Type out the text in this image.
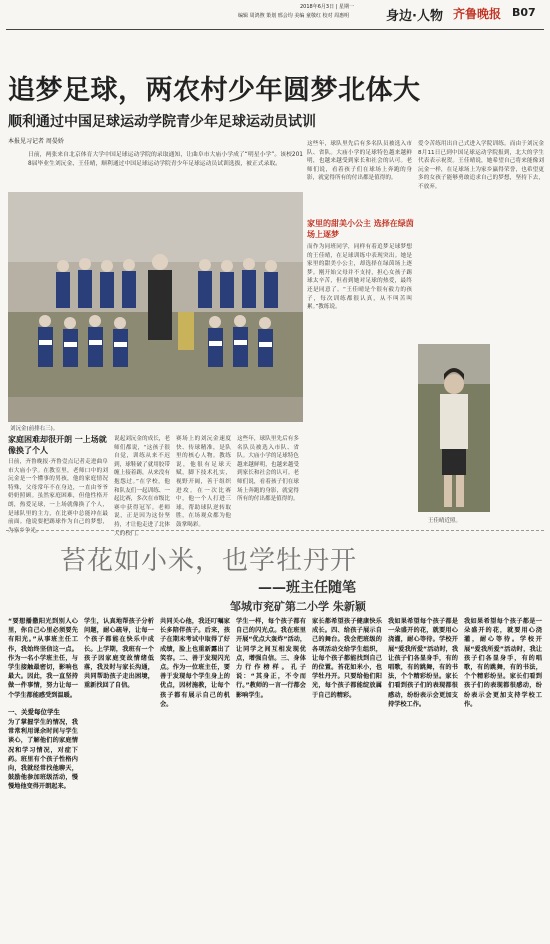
2018年6月3日 | 星期一
编辑 周鸿煦 策划 邢会均 美编 童敬红 校对 周惠明	身边·人物 齐鲁晚报 B07
追梦足球，两农村少年圆梦北体大
顺利通过中国足球运动学院青少年足球运动员试训
本报见习记者 周晏娇
日前，两张来自北京体育大学中国足球运动学院的录取通知，让曲阜市大庙小学成了“明星小学”。该校2018届毕业生刘沅金、王佳晴，顺利通过中国足球运动学院青少年足球运动员试训选拔，被正式录取。
刘沅金(前排右三)。
家庭困难却很开朗 一上场就像换了个人
日前，齐鲁晚报·齐鲁壹点记者走进曲阜市大庙小学。在教室里，老师口中的刘沅金是一个懂事的男孩，他的家庭情况特殊，父母常年不在身边，一直由爷爷奶奶照顾。虽然家庭困难，但他性格开朗，热爱足球，一上场就像换了个人，是球队里的主力，在比赛中总能冲在最前面。他说要把踢球作为自己的梦想，为家乡争光。
说起刘沅金的成长，老师们都说，“这孩子很自觉，训练从来不迟到，球鞋破了就用胶带缠上接着踢，从来没有抱怨过。”在学校，他和队友们一起训练、一起比赛，多次在市级比赛中获得冠军。老师说，正是因为这份坚持，才让他走进了北体大的校门。
赛场上的刘沅金速度快、传球精准，是队里的核心人物。教练说，他很有足球天赋，脚下技术扎实，视野开阔，善于组织进攻。在一次比赛中，他一个人打进三球，帮助球队逆转取胜，在场观众都为他鼓掌喝彩。
这些年，球队里先后有多名队员被选入市队、省队。大庙小学的足球特色越来越鲜明，也越来越受到家长和社会的认可。老师们说，看着孩子们在球场上奔跑的身影，就觉得所有的付出都是值得的。
这些年，球队里先后有多名队员被选入市队、省队。大庙小学的足球特色越来越鲜明，也越来越受到家长和社会的认可。老师们说，看着孩子们在球场上奔跑的身影，就觉得所有的付出都是值得的。
家里的甜美小公主 选择在绿茵场上逐梦
而作为同班同学，同样有着追梦足球梦想的王佳晴，在足球训练中表现突出。她是家里的甜美小公主，却选择在绿茵场上逐梦。刚开始父母并不支持，担心女孩子踢球太辛苦，但看到她对足球的热爱，最终还是同意了。“王佳晴是个很有毅力的孩子，每次训练都很认真，从不叫苦叫累。”教练说。
爱令苦练用出自己式进入学院训练。而由于刘沅金8月11日已到中国足球运动学院报到，北大的学生代表表示祝贺。王佳晴说，她希望自己将来能像刘沅金一样，在足球场上为家乡赢得荣誉，也希望更多的女孩子能够勇敢追求自己的梦想，坚持下去，不放弃。
王佳晴近照。
苔花如小米，也学牡丹开
——班主任随笔
邹城市兖矿第二小学 朱新颖
“要想播撒阳光到别人心里，你自己心里必须要先有阳光。”从事班主任工作，我始终坚信这一点。作为一名小学班主任，与学生接触最密切，影响也最大。因此，我一直坚持做一件事情，努力让每一个学生都能感受到温暖。
一、关爱每位学生
为了掌握学生的情况，我常常利用课余时间与学生谈心，了解他们的家庭情况和学习情况，对症下药。班里有个孩子性格内向，我就经常找他聊天，鼓励他参加班级活动，慢慢地他变得开朗起来。
学生，认真地帮孩子分析问题，耐心疏导，让每一个孩子都能在快乐中成长。上学期，我班有一个孩子因家庭变故情绪低落，我及时与家长沟通，共同帮助孩子走出困境，重新找回了自信。
共同关心他，我还叮嘱家长多陪伴孩子。后来，孩子在期末考试中取得了好成绩，脸上也重新露出了笑容。二、善于发现闪光点。作为一位班主任，要善于发现每个学生身上的优点，因材施教，让每个孩子都有展示自己的机会。
学生一样，每个孩子都有自己的闪光点。我在班里开展“优点大轰炸”活动，让同学之间互相发现优点，增强自信。三、身体力行作榜样。孔子说：“其身正，不令而行。”教师的一言一行都会影响学生。
家长都希望孩子健康快乐成长。四、给孩子展示自己的舞台。我会把班级的各项活动交给学生组织，让每个孩子都能找到自己的位置。苔花如米小，也学牡丹开。只要给他们阳光，每个孩子都能绽放属于自己的精彩。
我如果希望每个孩子都是一朵盛开的花，就要用心浇灌，耐心等待。学校开展“爱我所爱”活动时，我让孩子们各显身手，有的唱歌，有的跳舞，有的书法，个个精彩纷呈。家长们看到孩子们的表现都很感动，纷纷表示会更加支持学校工作。
我如果希望每个孩子都是一朵盛开的花，就要用心浇灌，耐心等待。学校开展“爱我所爱”活动时，我让孩子们各显身手，有的唱歌，有的跳舞，有的书法，个个精彩纷呈。家长们看到孩子们的表现都很感动，纷纷表示会更加支持学校工作。
